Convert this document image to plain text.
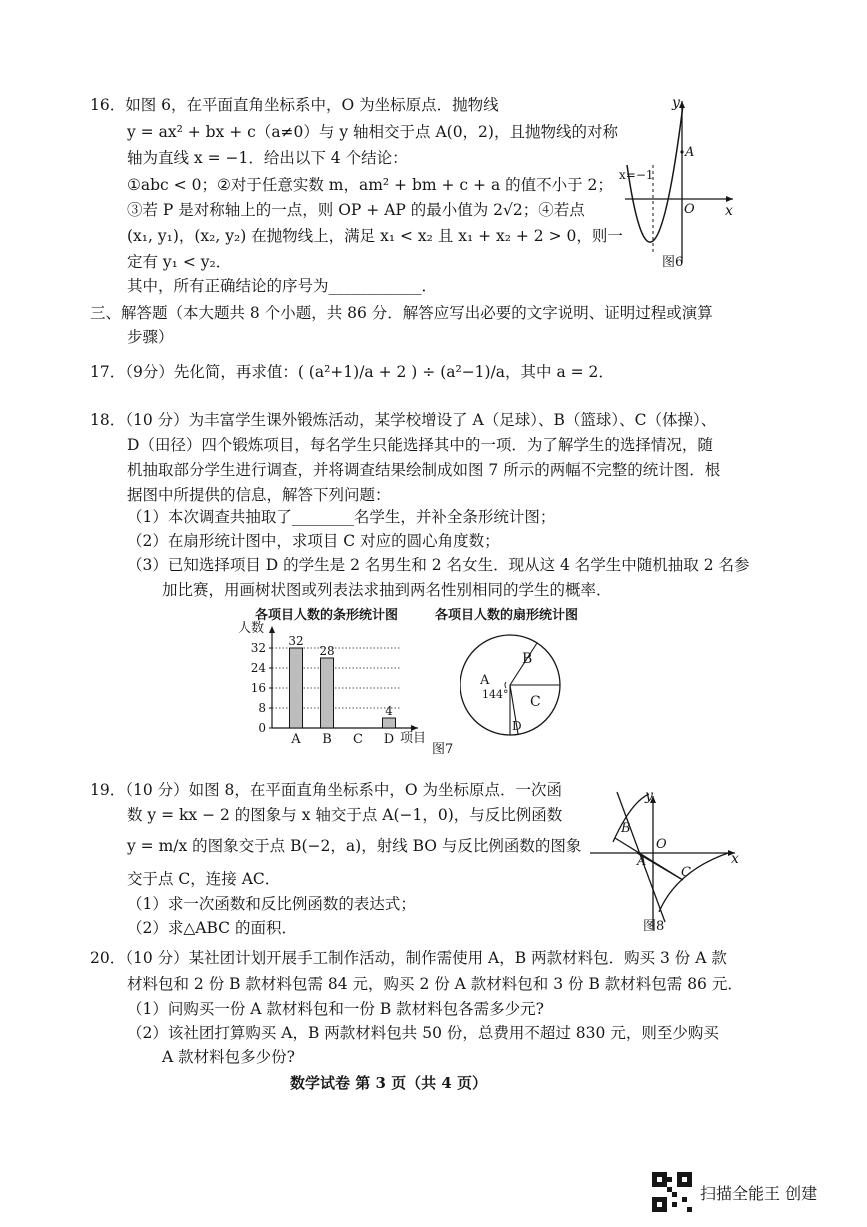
16．如图 6，在平面直角坐标系中，O 为坐标原点．抛物线
y = ax² + bx + c（a≠0）与 y 轴相交于点 A(0，2)，且抛物线的对称
轴为直线 x = −1．给出以下 4 个结论：
①abc < 0；②对于任意实数 m，am² + bm + c + a 的值不小于 2；
③若 P 是对称轴上的一点，则 OP + AP 的最小值为 2√2；④若点
(x₁, y₁)，(x₂, y₂) 在抛物线上，满足 x₁ < x₂ 且 x₁ + x₂ + 2 > 0，则一
定有 y₁ < y₂．
其中，所有正确结论的序号为____________．
y
x
A
O
x=−1
图6
三、解答题（本大题共 8 个小题，共 86 分．解答应写出必要的文字说明、证明过程或演算
步骤）
17．（9分）先化简，再求值：( (a²+1)/a + 2 ) ÷ (a²−1)/a，其中 a = 2．
18．（10 分）为丰富学生课外锻炼活动，某学校增设了 A（足球）、B（篮球）、C（体操）、
D（田径）四个锻炼项目，每名学生只能选择其中的一项．为了解学生的选择情况，随
机抽取部分学生进行调查，并将调查结果绘制成如图 7 所示的两幅不完整的统计图．根
据图中所提供的信息，解答下列问题：
（1）本次调查共抽取了________名学生，并补全条形统计图；
（2）在扇形统计图中，求项目 C 对应的圆心角度数；
（3）已知选择项目 D 的学生是 2 名男生和 2 名女生．现从这 4 名学生中随机抽取 2 名参
加比赛，用画树状图或列表法求抽到两名性别相同的学生的概率．
各项目人数的条形统计图	各项目人数的扇形统计图
人数
项目
0
8
16
24
32 32
A
28
B C
4
D
图7
B
C
A
144°
D
19．（10 分）如图 8，在平面直角坐标系中，O 为坐标原点．一次函
数 y = kx − 2 的图象与 x 轴交于点 A(−1，0)，与反比例函数
y = m/x 的图象交于点 B(−2，a)，射线 BO 与反比例函数的图象
交于点 C，连接 AC．
（1）求一次函数和反比例函数的表达式；
（2）求△ABC 的面积．
y
x
B
O
A
C
图8
20．（10 分）某社团计划开展手工制作活动，制作需使用 A，B 两款材料包．购买 3 份 A 款
材料包和 2 份 B 款材料包需 84 元，购买 2 份 A 款材料包和 3 份 B 款材料包需 86 元．
（1）问购买一份 A 款材料包和一份 B 款材料包各需多少元?
（2）该社团打算购买 A，B 两款材料包共 50 份，总费用不超过 830 元，则至少购买
A 款材料包多少份?
数学试卷 第 3 页（共 4 页）
扫描全能王 创建
